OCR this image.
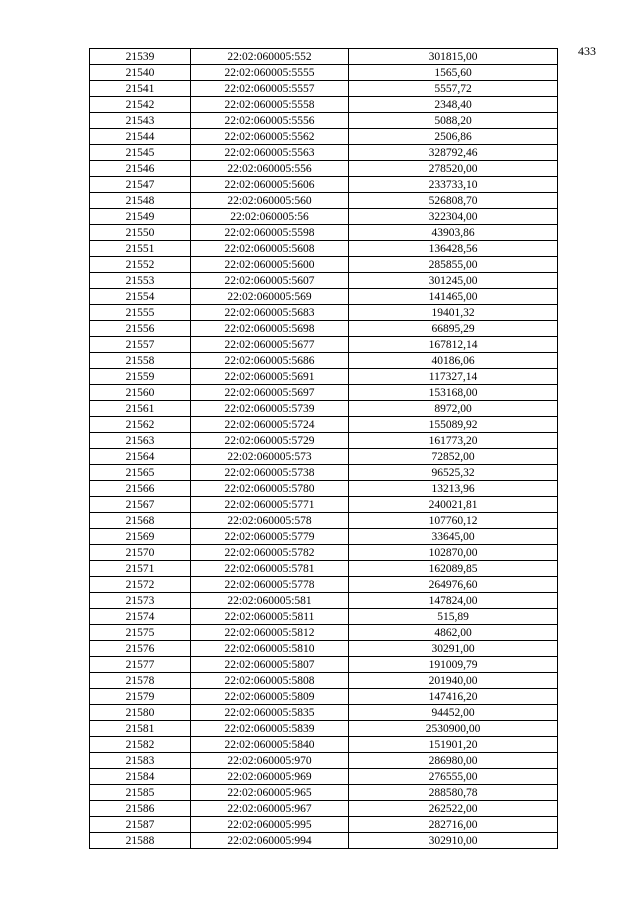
433
21539	22:02:060005:552	301815,00
21540	22:02:060005:5555	1565,60
21541	22:02:060005:5557	5557,72
21542	22:02:060005:5558	2348,40
21543	22:02:060005:5556	5088,20
21544	22:02:060005:5562	2506,86
21545	22:02:060005:5563	328792,46
21546	22:02:060005:556	278520,00
21547	22:02:060005:5606	233733,10
21548	22:02:060005:560	526808,70
21549	22:02:060005:56	322304,00
21550	22:02:060005:5598	43903,86
21551	22:02:060005:5608	136428,56
21552	22:02:060005:5600	285855,00
21553	22:02:060005:5607	301245,00
21554	22:02:060005:569	141465,00
21555	22:02:060005:5683	19401,32
21556	22:02:060005:5698	66895,29
21557	22:02:060005:5677	167812,14
21558	22:02:060005:5686	40186,06
21559	22:02:060005:5691	117327,14
21560	22:02:060005:5697	153168,00
21561	22:02:060005:5739	8972,00
21562	22:02:060005:5724	155089,92
21563	22:02:060005:5729	161773,20
21564	22:02:060005:573	72852,00
21565	22:02:060005:5738	96525,32
21566	22:02:060005:5780	13213,96
21567	22:02:060005:5771	240021,81
21568	22:02:060005:578	107760,12
21569	22:02:060005:5779	33645,00
21570	22:02:060005:5782	102870,00
21571	22:02:060005:5781	162089,85
21572	22:02:060005:5778	264976,60
21573	22:02:060005:581	147824,00
21574	22:02:060005:5811	515,89
21575	22:02:060005:5812	4862,00
21576	22:02:060005:5810	30291,00
21577	22:02:060005:5807	191009,79
21578	22:02:060005:5808	201940,00
21579	22:02:060005:5809	147416,20
21580	22:02:060005:5835	94452,00
21581	22:02:060005:5839	2530900,00
21582	22:02:060005:5840	151901,20
21583	22:02:060005:970	286980,00
21584	22:02:060005:969	276555,00
21585	22:02:060005:965	288580,78
21586	22:02:060005:967	262522,00
21587	22:02:060005:995	282716,00
21588	22:02:060005:994	302910,00
